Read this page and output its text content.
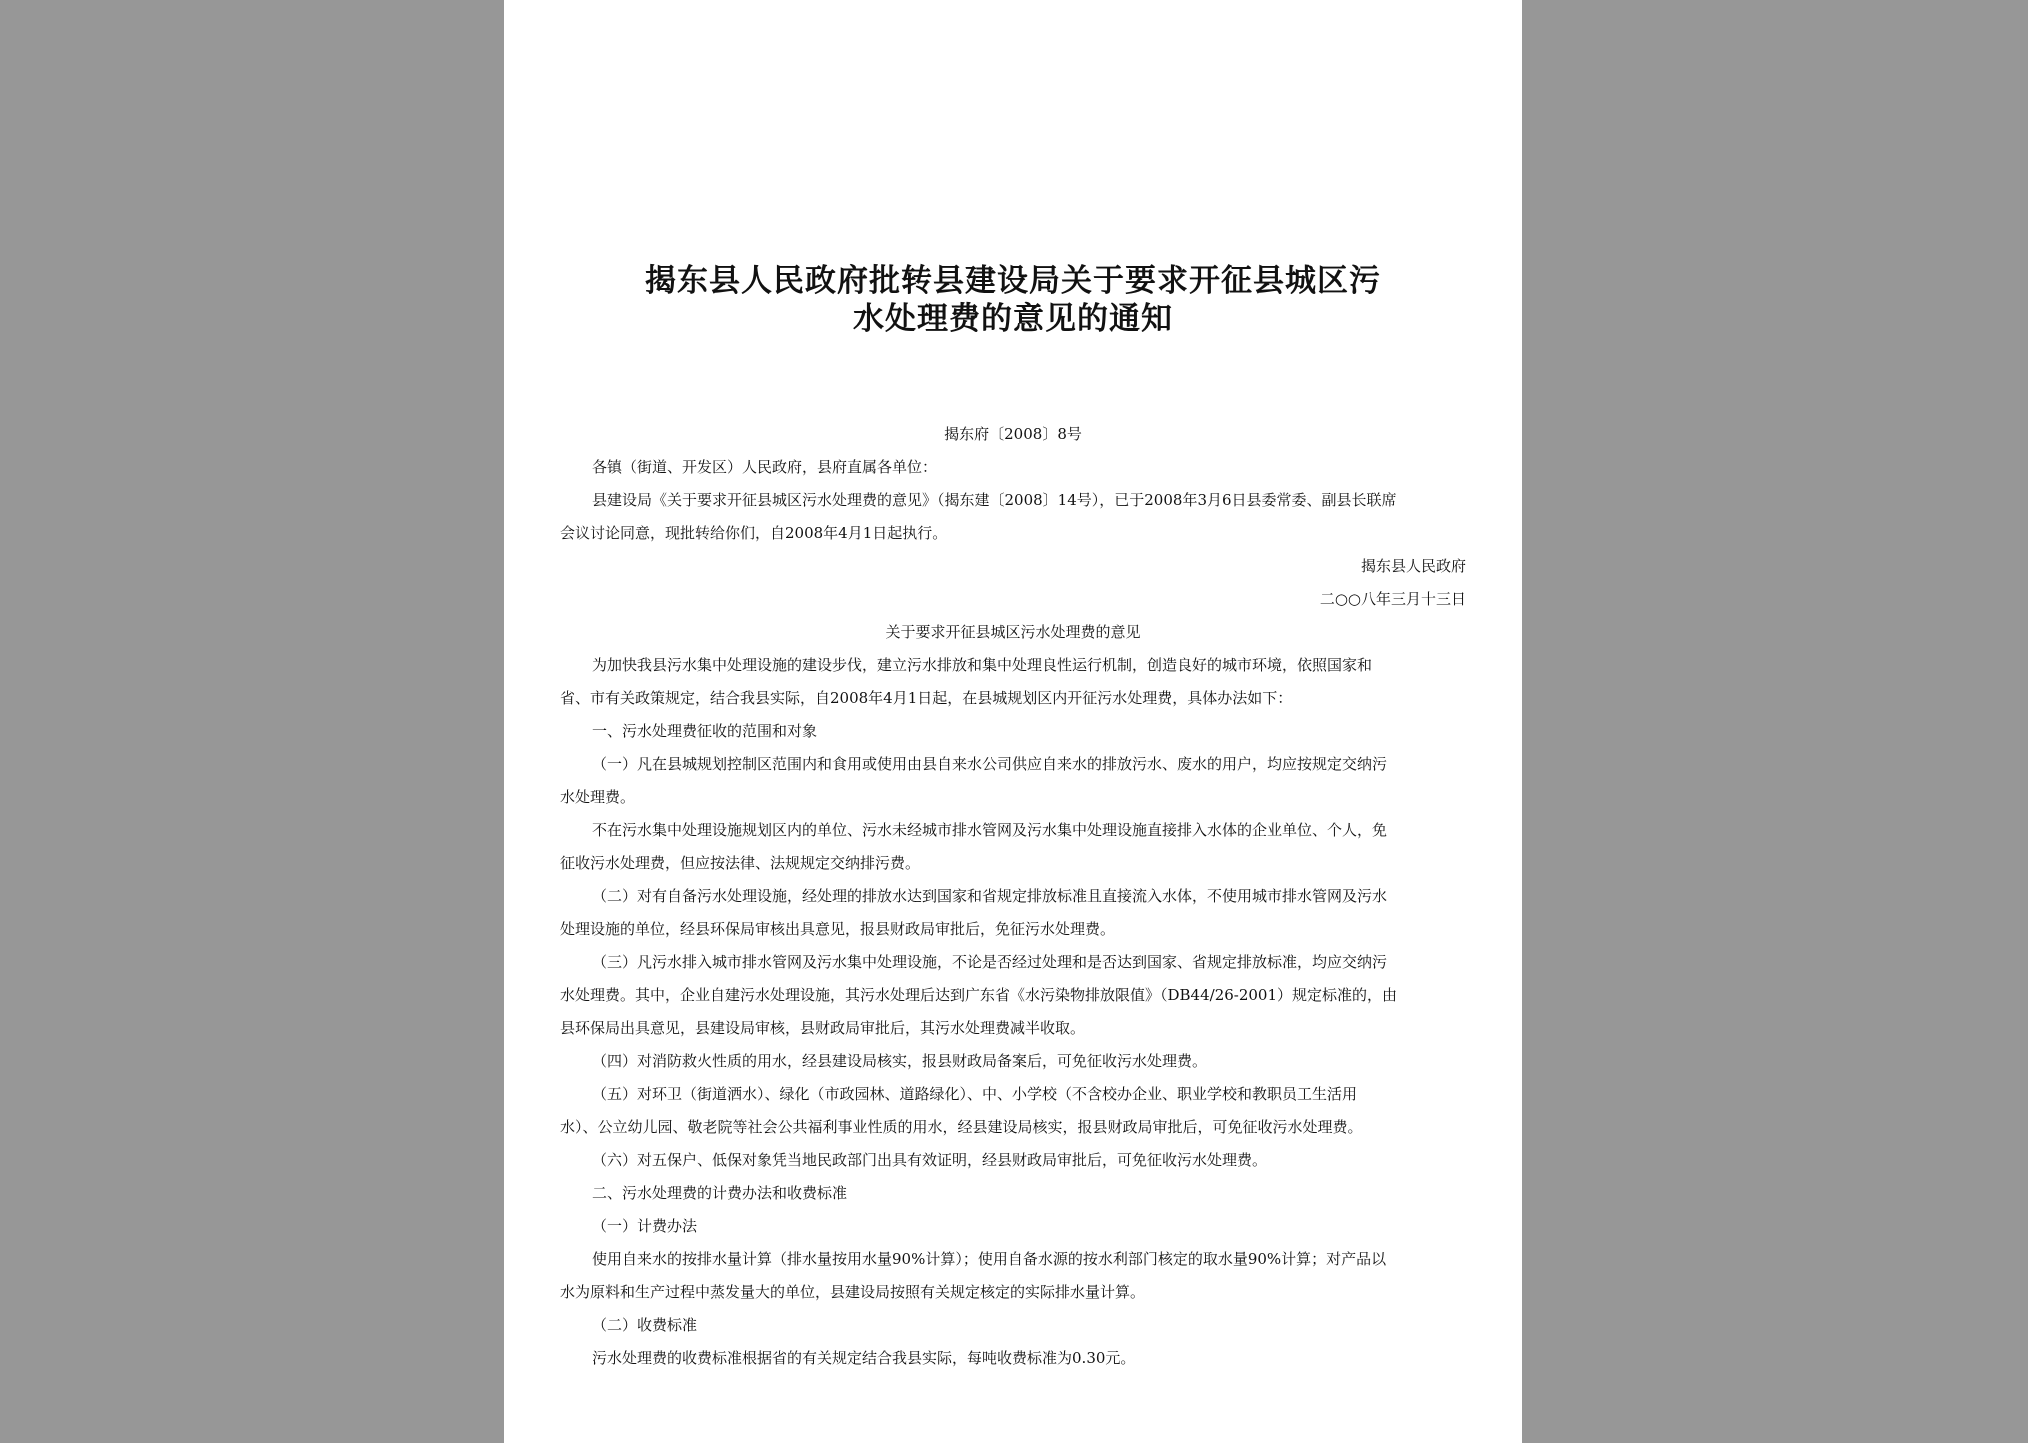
揭东县人民政府批转县建设局关于要求开征县城区污
水处理费的意见的通知
揭东府〔2008〕8号
各镇（街道、开发区）人民政府，县府直属各单位：
县建设局《关于要求开征县城区污水处理费的意见》（揭东建〔2008〕14号），已于2008年3月6日县委常委、副县长联席
会议讨论同意，现批转给你们，自2008年4月1日起执行。
揭东县人民政府
二○○八年三月十三日
关于要求开征县城区污水处理费的意见
为加快我县污水集中处理设施的建设步伐，建立污水排放和集中处理良性运行机制，创造良好的城市环境，依照国家和
省、市有关政策规定，结合我县实际，自2008年4月1日起，在县城规划区内开征污水处理费，具体办法如下：
一、污水处理费征收的范围和对象
（一）凡在县城规划控制区范围内和食用或使用由县自来水公司供应自来水的排放污水、废水的用户，均应按规定交纳污
水处理费。
不在污水集中处理设施规划区内的单位、污水未经城市排水管网及污水集中处理设施直接排入水体的企业单位、个人，免
征收污水处理费，但应按法律、法规规定交纳排污费。
（二）对有自备污水处理设施，经处理的排放水达到国家和省规定排放标准且直接流入水体，不使用城市排水管网及污水
处理设施的单位，经县环保局审核出具意见，报县财政局审批后，免征污水处理费。
（三）凡污水排入城市排水管网及污水集中处理设施，不论是否经过处理和是否达到国家、省规定排放标准，均应交纳污
水处理费。其中，企业自建污水处理设施，其污水处理后达到广东省《水污染物排放限值》（DB44/26-2001）规定标准的，由
县环保局出具意见，县建设局审核，县财政局审批后，其污水处理费减半收取。
（四）对消防救火性质的用水，经县建设局核实，报县财政局备案后，可免征收污水处理费。
（五）对环卫（街道洒水）、绿化（市政园林、道路绿化）、中、小学校（不含校办企业、职业学校和教职员工生活用
水）、公立幼儿园、敬老院等社会公共福利事业性质的用水，经县建设局核实，报县财政局审批后，可免征收污水处理费。
（六）对五保户、低保对象凭当地民政部门出具有效证明，经县财政局审批后，可免征收污水处理费。
二、污水处理费的计费办法和收费标准
（一）计费办法
使用自来水的按排水量计算（排水量按用水量90%计算）；使用自备水源的按水利部门核定的取水量90%计算；对产品以
水为原料和生产过程中蒸发量大的单位，县建设局按照有关规定核定的实际排水量计算。
（二）收费标准
污水处理费的收费标准根据省的有关规定结合我县实际，每吨收费标准为0.30元。
